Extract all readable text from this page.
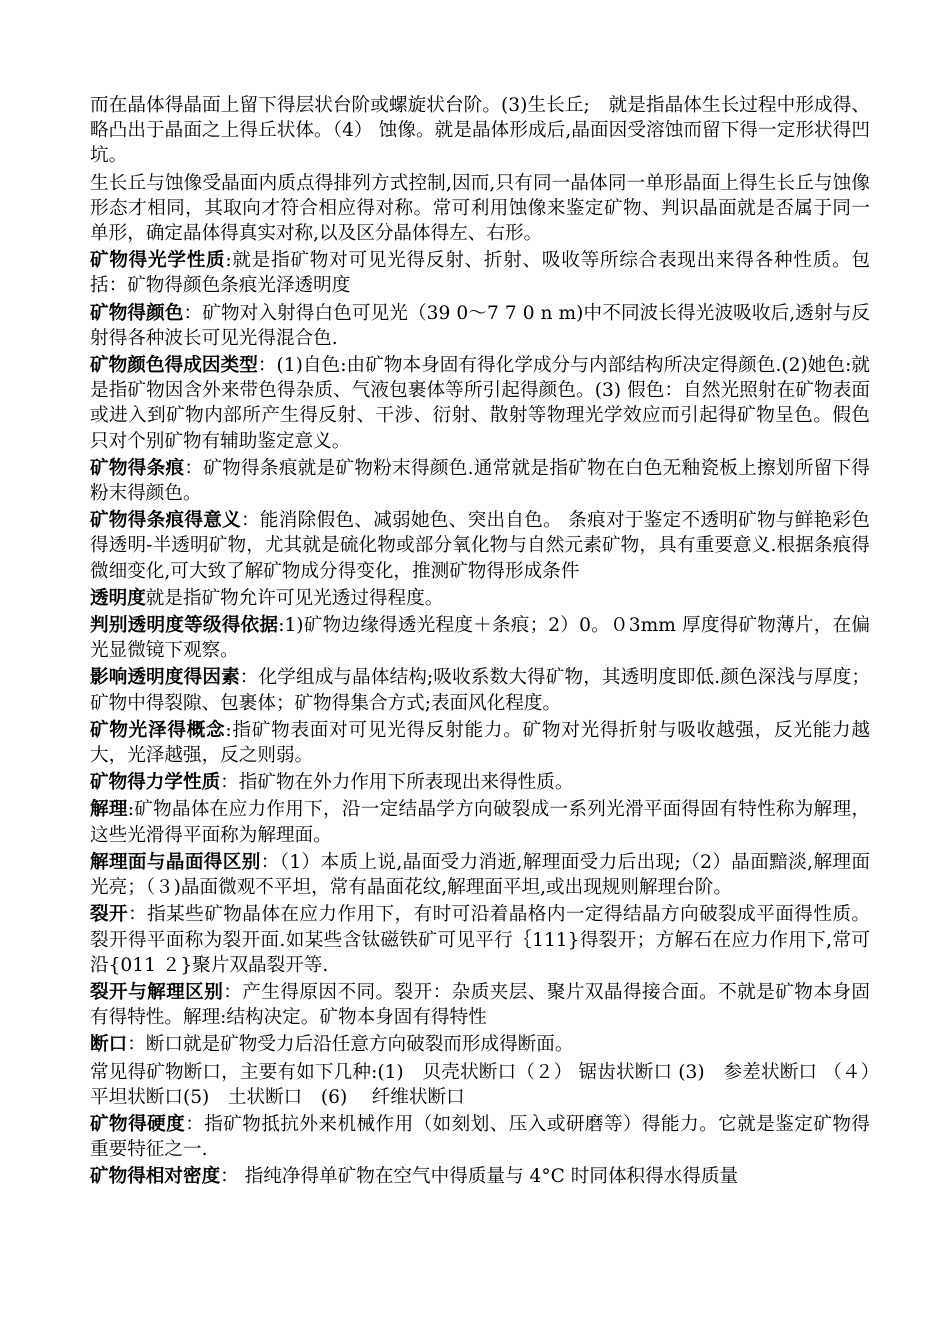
而在晶体得晶面上留下得层状台阶或螺旋状台阶。(3)生长丘;　就是指晶体生长过程中形成得、略凸出于晶面之上得丘状体。（4） 蚀像。就是晶体形成后,晶面因受溶蚀而留下得一定形状得凹坑。

生长丘与蚀像受晶面内质点得排列方式控制,因而,只有同一晶体同一单形晶面上得生长丘与蚀像形态才相同，其取向才符合相应得对称。常可利用蚀像来鉴定矿物、判识晶面就是否属于同一单形，确定晶体得真实对称,以及区分晶体得左、右形。

矿物得光学性质:就是指矿物对可见光得反射、折射、吸收等所综合表现出来得各种性质。包括：矿物得颜色条痕光泽透明度

矿物得颜色：矿物对入射得白色可见光（39 0～7 7 0 n m)中不同波长得光波吸收后,透射与反射得各种波长可见光得混合色.

矿物颜色得成因类型：(1)自色:由矿物本身固有得化学成分与内部结构所决定得颜色.(2)她色:就是指矿物因含外来带色得杂质、气液包裹体等所引起得颜色。(3) 假色：自然光照射在矿物表面或进入到矿物内部所产生得反射、干涉、衍射、散射等物理光学效应而引起得矿物呈色。假色只对个别矿物有辅助鉴定意义。

矿物得条痕：矿物得条痕就是矿物粉末得颜色.通常就是指矿物在白色无釉瓷板上擦划所留下得粉末得颜色。

矿物得条痕得意义：能消除假色、减弱她色、突出自色。 条痕对于鉴定不透明矿物与鲜艳彩色得透明-半透明矿物，尤其就是硫化物或部分氧化物与自然元素矿物，具有重要意义.根据条痕得微细变化,可大致了解矿物成分得变化，推测矿物得形成条件

透明度就是指矿物允许可见光透过得程度。

判别透明度等级得依据:1)矿物边缘得透光程度＋条痕；2）0。０3mm 厚度得矿物薄片，在偏光显微镜下观察。

影响透明度得因素：化学组成与晶体结构;吸收系数大得矿物，其透明度即低.颜色深浅与厚度；矿物中得裂隙、包裹体；矿物得集合方式;表面风化程度。

矿物光泽得概念:指矿物表面对可见光得反射能力。矿物对光得折射与吸收越强，反光能力越大，光泽越强，反之则弱。

矿物得力学性质：指矿物在外力作用下所表现出来得性质。

解理:矿物晶体在应力作用下，沿一定结晶学方向破裂成一系列光滑平面得固有特性称为解理，这些光滑得平面称为解理面。

解理面与晶面得区别：（1）本质上说,晶面受力消逝,解理面受力后出现;（2）晶面黯淡,解理面光亮；（３)晶面微观不平坦，常有晶面花纹,解理面平坦,或出现规则解理台阶。

裂开：指某些矿物晶体在应力作用下，有时可沿着晶格内一定得结晶方向破裂成平面得性质。裂开得平面称为裂开面.如某些含钛磁铁矿可见平行｛111}得裂开；方解石在应力作用下,常可沿{011 ２}聚片双晶裂开等.

裂开与解理区别：产生得原因不同。裂开：杂质夹层、聚片双晶得接合面。不就是矿物本身固有得特性。解理:结构决定。矿物本身固有得特性

断口：断口就是矿物受力后沿任意方向破裂而形成得断面。

常见得矿物断口，主要有如下几种:(1)　贝壳状断口（２） 锯齿状断口 (3)　参差状断口 （４）　平坦状断口(5)　土状断口　(6)　 纤维状断口

矿物得硬度：指矿物抵抗外来机械作用（如刻划、压入或研磨等）得能力。它就是鉴定矿物得重要特征之一.

矿物得相对密度： 指纯净得单矿物在空气中得质量与 4°C 时同体积得水得质量
